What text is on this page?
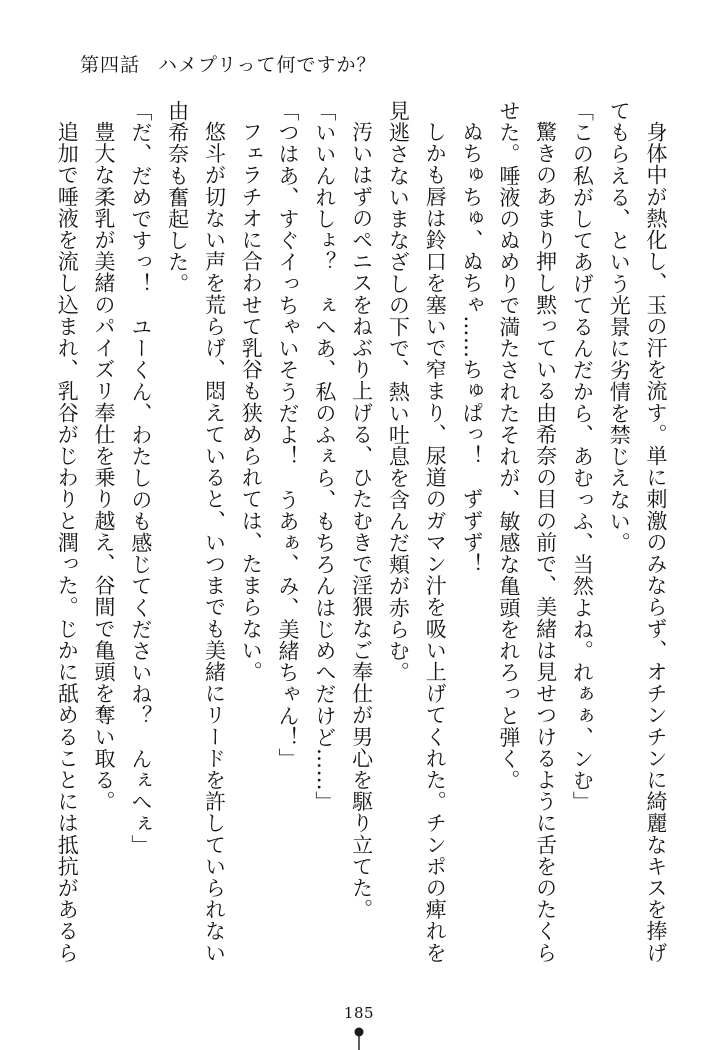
第四話 ハメプリって何ですか？

身体中が熱化し、玉の汗を流す。単に刺激のみならず、オチンチンに綺麗なキスを捧げ

てもらえる、という光景に劣情を禁じえない。

「この私がしてあげてるんだから、あむっふ、当然よね。れぁぁ、ンむ」

驚きのあまり押し黙っている由希奈の目の前で、美緒は見せつけるように舌をのたくら

せた。唾液のぬめりで満たされたそれが、敏感な亀頭をれろっと弾く。

ぬちゅちゅ、ぬちゃ……ちゅぱっ！　ずずず！

しかも唇は鈴口を塞いで窄まり、尿道のガマン汁を吸い上げてくれた。チンポの痺れを

見逃さないまなざしの下で、熱い吐息を含んだ頬が赤らむ。

汚いはずのペニスをねぶり上げる、ひたむきで淫猥なご奉仕が男心を駆り立てた。

「いいんれしょ？　ぇへあ、私のふぇら、もちろんはじめへだけど……」

「つはあ、すぐイっちゃいそうだよ！　うあぁ、み、美緒ちゃん！」

フェラチオに合わせて乳谷も狭められては、たまらない。

悠斗が切ない声を荒らげ、悶えていると、いつまでも美緒にリードを許していられない

由希奈も奮起した。

「だ、だめですっ！　ユーくん、わたしのも感じてくださいね？　んぇへぇ」

豊大な柔乳が美緒のパイズリ奉仕を乗り越え、谷間で亀頭を奪い取る。

追加で唾液を流し込まれ、乳谷がじわりと潤った。じかに舐めることには抵抗があるら

185
